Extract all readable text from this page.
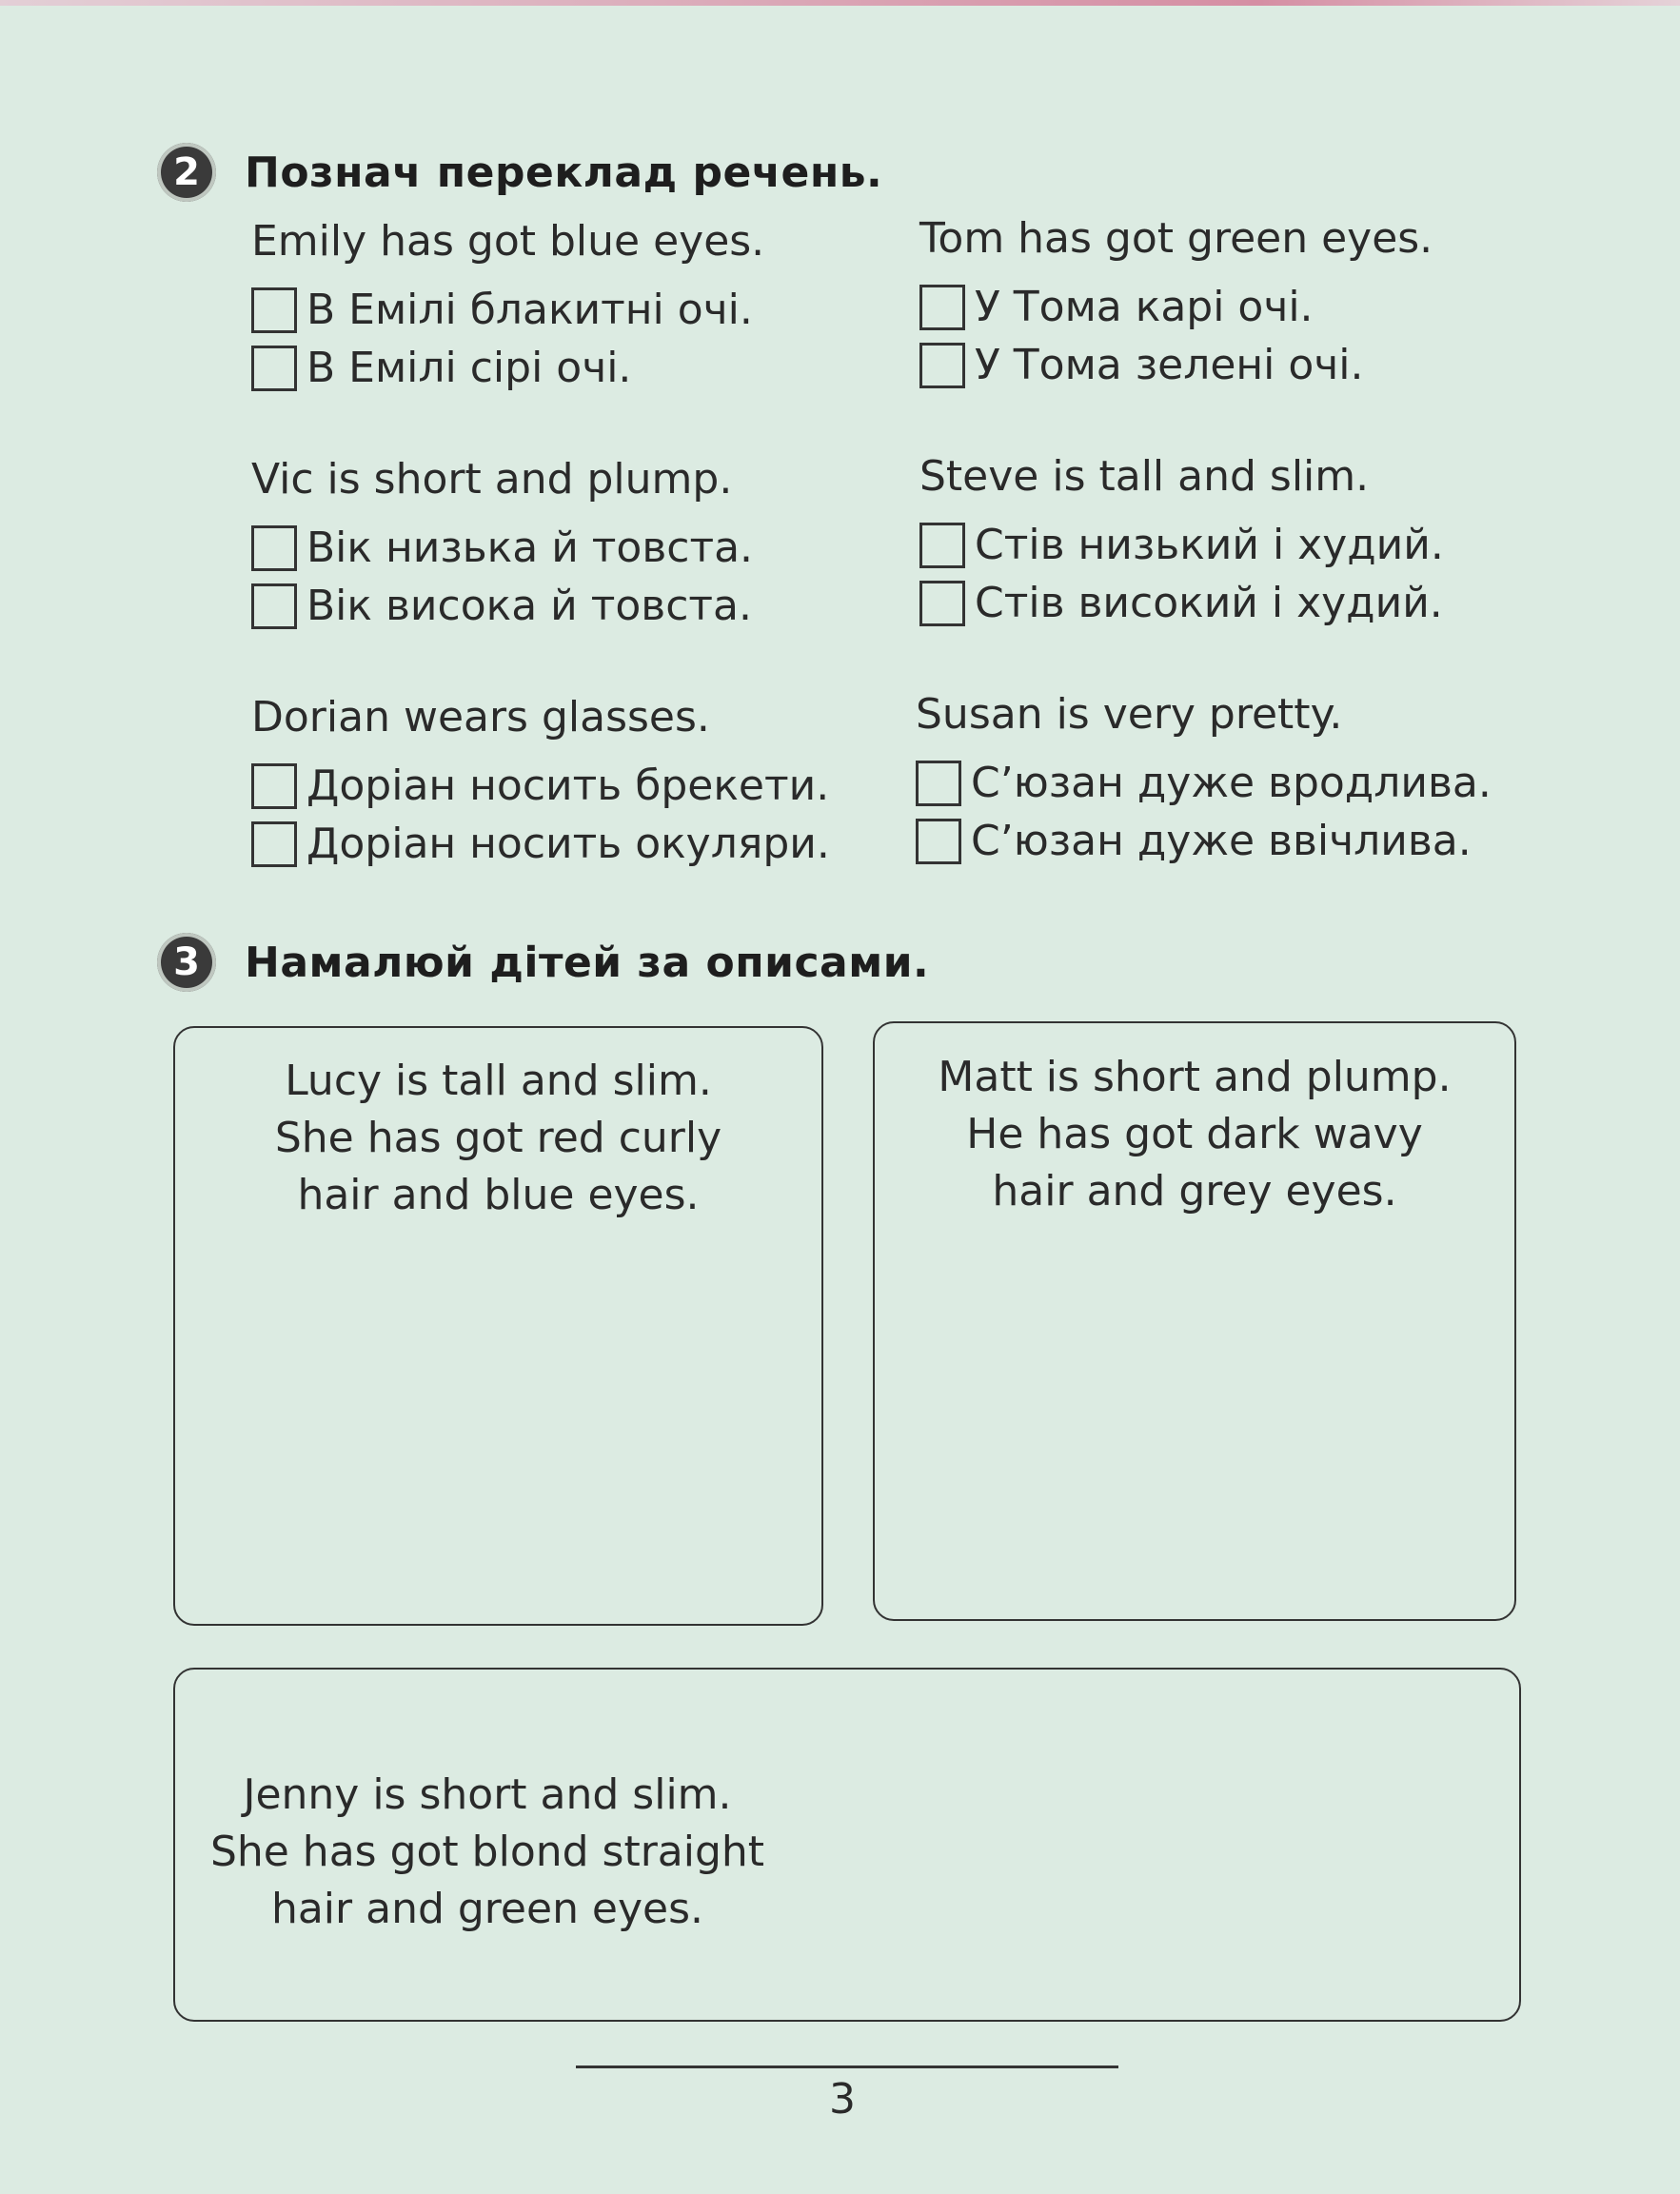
2	Познач переклад речень.
Emily has got blue eyes.
В Емілі блакитні очі.
В Емілі сірі очі.
Tom has got green eyes.
У Тома карі очі.
У Тома зелені очі.
Vic is short and plump.
Вік низька й товста.
Вік висока й товста.
Steve is tall and slim.
Стів низький і худий.
Стів високий і худий.
Dorian wears glasses.
Доріан носить брекети.
Доріан носить окуляри.
Susan is very pretty.
С’юзан дуже вродлива.
С’юзан дуже ввічлива.
3	Намалюй дітей за описами.
Lucy is tall and slim.
She has got red curly
hair and blue eyes.
Matt is short and plump.
He has got dark wavy
hair and grey eyes.
Jenny is short and slim.
She has got blond straight
hair and green eyes.
3
